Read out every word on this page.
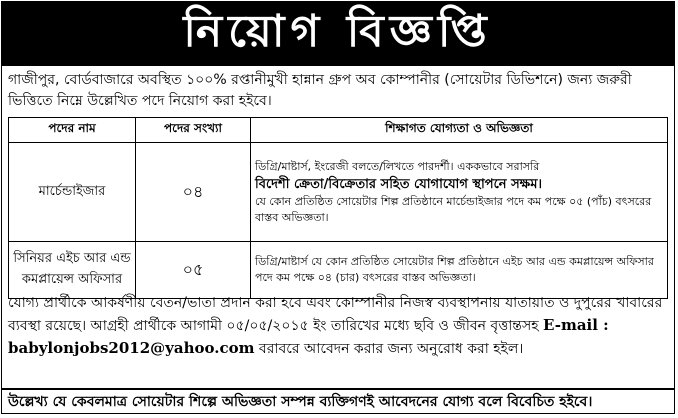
নিয়োগ বিজ্ঞপ্তি
গাজীপুর, বোর্ডবাজারে অবস্থিত ১০০% রপ্তানীমুখী হান্নান গ্রুপ অব কোম্পানীর (সোয়েটার ডিভিশনে) জন্য জরুরী ভিত্তিতে নিম্নে উল্লেখিত পদে নিয়োগ করা হইবে।
পদের নাম	পদের সংখ্যা	শিক্ষাগত যোগ্যতা ও অভিজ্ঞতা
মার্চেন্ডাইজার	০৪	ডিগ্রি/মাষ্টার্স, ইংরেজী বলতে/লিখতে পারদর্শী। এককভাবে সরাসরি
বিদেশী ক্রেতা/বিক্রেতার সহিত যোগাযোগ স্থাপনে সক্ষম।
যে কোন প্রতিষ্ঠিত সোয়েটার শিল্প প্রতিষ্ঠানে মার্চেন্ডাইজার পদে কম পক্ষে ০৫ (পাঁচ) বৎসরের বাস্তব অভিজ্ঞতা।

সিনিয়র এইচ আর এন্ড কমপ্লায়েন্স অফিসার	০৫	ডিগ্রি/মাষ্টার্স যে কোন প্রতিষ্ঠিত সোয়েটার শিল্প প্রতিষ্ঠানে এইচ আর এন্ড কমপ্লায়েন্স অফিসার পদে কম পক্ষে ০৪ (চার) বৎসরের বাস্তব অভিজ্ঞতা।
যোগ্য প্রার্থীকে আকর্ষণীয় বেতন/ভাতা প্রদান করা হবে এবং কোম্পানীর নিজস্ব ব্যবস্থাপনায় যাতায়াত ও দুপুরের খাবারের ব্যবস্থা রয়েছে। আগ্রহী প্রার্থীকে আগামী ০৫/০৫/২০১৫ ইং তারিখের মধ্যে ছবি ও জীবন বৃত্তান্তসহ E-mail : babylonjobs2012@yahoo.com বরাবরে আবেদন করার জন্য অনুরোধ করা হইল।
উল্লেখ্য যে কেবলমাত্র সোয়েটার শিল্পে অভিজ্ঞতা সম্পন্ন ব্যক্তিগণই আবেদনের যোগ্য বলে বিবেচিত হইবে।
